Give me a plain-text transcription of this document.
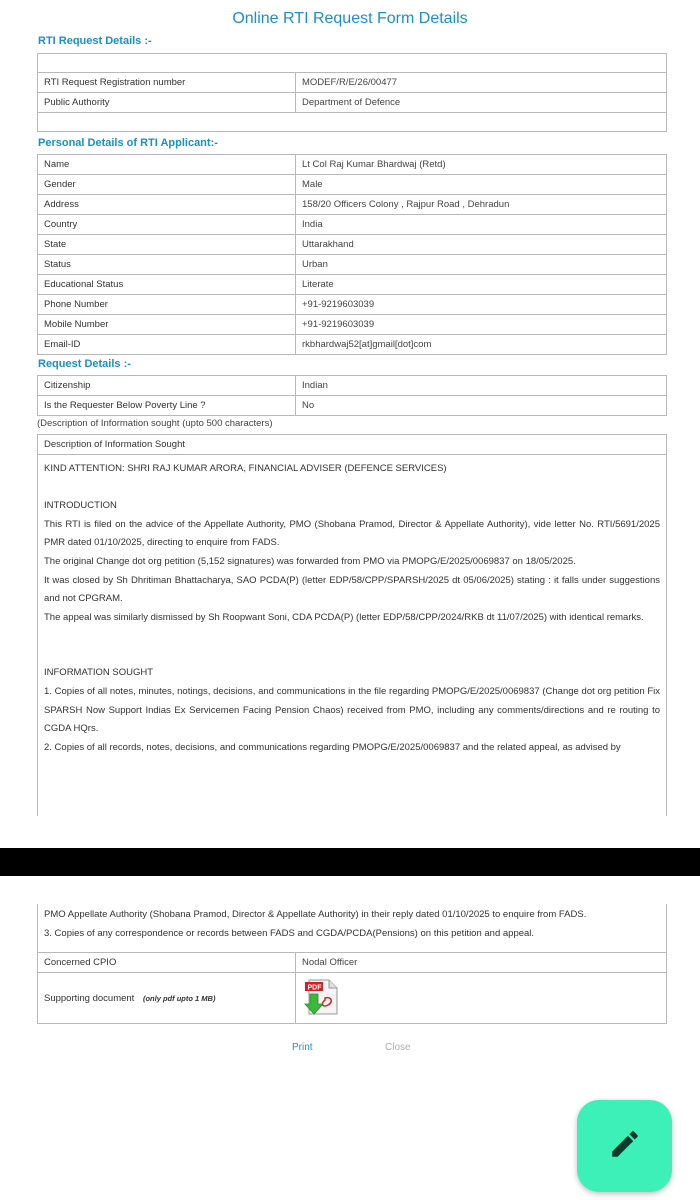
Online RTI Request Form Details
RTI Request Details :-

RTI Request Registration number	MODEF/R/E/26/00477
Public Authority	Department of Defence

Personal Details of RTI Applicant:-
Name	Lt Col Raj Kumar Bhardwaj (Retd)
Gender	Male
Address	158/20 Officers Colony , Rajpur Road , Dehradun
Country	India
State	Uttarakhand
Status	Urban
Educational Status	Literate
Phone Number	+91-9219603039
Mobile Number	+91-9219603039
Email-ID	rkbhardwaj52[at]gmail[dot]com
Request Details :-
Citizenship	Indian
Is the Requester Below Poverty Line ?	No
(Description of Information sought (upto 500 characters)
Description of Information Sought

KIND ATTENTION: SHRI RAJ KUMAR ARORA, FINANCIAL ADVISER (DEFENCE SERVICES)

INTRODUCTION

This RTI is filed on the advice of the Appellate Authority, PMO (Shobana Pramod, Director & Appellate Authority), vide letter No. RTI/5691/2025 PMR dated 01/10/2025, directing to enquire from FADS.

The original Change dot org petition (5,152 signatures) was forwarded from PMO via PMOPG/E/2025/0069837 on 18/05/2025.

It was closed by Sh Dhritiman Bhattacharya, SAO PCDA(P) (letter EDP/58/CPP/SPARSH/2025 dt 05/06/2025) stating : it falls under suggestions and not CPGRAM.

The appeal was similarly dismissed by Sh Roopwant Soni, CDA PCDA(P) (letter EDP/58/CPP/2024/RKB dt 11/07/2025) with identical remarks.

INFORMATION SOUGHT

1. Copies of all notes, minutes, notings, decisions, and communications in the file regarding PMOPG/E/2025/0069837 (Change dot org petition Fix SPARSH Now Support Indias Ex Servicemen Facing Pension Chaos) received from PMO, including any comments/directions and re routing to CGDA HQrs.

2. Copies of all records, notes, decisions, and communications regarding PMOPG/E/2025/0069837 and the related appeal, as advised by

PMO Appellate Authority (Shobana Pramod, Director & Appellate Authority) in their reply dated 01/10/2025 to enquire from FADS.

3. Copies of any correspondence or records between FADS and CGDA/PCDA(Pensions) on this petition and appeal.

Concerned CPIO	Nodal Officer
Supporting document (only pdf upto 1 MB)	
PDF
Print	Close
